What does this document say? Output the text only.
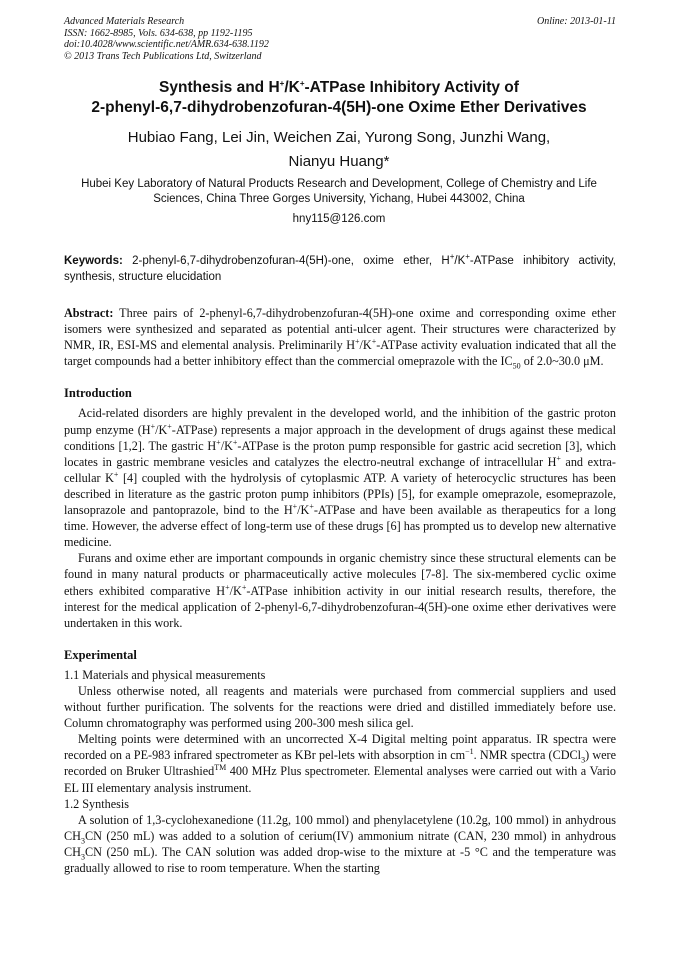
Advanced Materials Research
ISSN: 1662-8985, Vols. 634-638, pp 1192-1195
doi:10.4028/www.scientific.net/AMR.634-638.1192
© 2013 Trans Tech Publications Ltd, Switzerland
Online: 2013-01-11
Synthesis and H+/K+-ATPase Inhibitory Activity of
2-phenyl-6,7-dihydrobenzofuran-4(5H)-one Oxime Ether Derivatives
Hubiao Fang, Lei Jin, Weichen Zai, Yurong Song, Junzhi Wang,
Nianyu Huang*
Hubei Key Laboratory of Natural Products Research and Development, College of Chemistry and Life Sciences, China Three Gorges University, Yichang, Hubei 443002, China
hny115@126.com
Keywords: 2-phenyl-6,7-dihydrobenzofuran-4(5H)-one, oxime ether, H+/K+-ATPase inhibitory activity, synthesis, structure elucidation

Abstract: Three pairs of 2-phenyl-6,7-dihydrobenzofuran-4(5H)-one oxime and corresponding oxime ether isomers were synthesized and separated as potential anti-ulcer agent. Their structures were characterized by NMR, IR, ESI-MS and elemental analysis. Preliminarily H+/K+-ATPase activity evaluation indicated that all the target compounds had a better inhibitory effect than the commercial omeprazole with the $IC_{50}$ of 2.0~30.0 μM.

Introduction

Acid-related disorders are highly prevalent in the developed world, and the inhibition of the gastric proton pump enzyme (H+/K+-ATPase) represents a major approach in the development of drugs against these medical conditions [1,2]. The gastric H+/K+-ATPase is the proton pump responsible for gastric acid secretion [3], which locates in gastric membrane vesicles and catalyzes the electro-neutral exchange of intracellular H+ and extra-cellular K+ [4] coupled with the hydrolysis of cytoplasmic ATP. A variety of heterocyclic structures has been described in literature as the gastric proton pump inhibitors (PPIs) [5], for example omeprazole, esomeprazole, lansoprazole and pantoprazole, bind to the H+/K+-ATPase and have been available as therapeutics for a long time. However, the adverse effect of long-term use of these drugs [6] has prompted us to develop new alternative medicine.

Furans and oxime ether are important compounds in organic chemistry since these structural elements can be found in many natural products or pharmaceutically active molecules [7-8]. The six-membered cyclic oxime ethers exhibited comparative H+/K+-ATPase inhibition activity in our initial research results, therefore, the interest for the medical application of 2-phenyl-6,7-dihydrobenzofuran-4(5H)-one oxime ether derivatives were undertaken in this work.

Experimental
1.1 Materials and physical measurements

Unless otherwise noted, all reagents and materials were purchased from commercial suppliers and used without further purification. The solvents for the reactions were dried and distilled immediately before use. Column chromatography was performed using 200-300 mesh silica gel.

Melting points were determined with an uncorrected X-4 Digital melting point apparatus. IR spectra were recorded on a PE-983 infrared spectrometer as KBr pel-lets with absorption in $cm^{-1}$. NMR spectra (CDCl$_3$) were recorded on Bruker Ultrashied™ 400 MHz Plus spectrometer. Elemental analyses were carried out with a Vario EL III elementary analysis instrument.

1.2 Synthesis

A solution of 1,3-cyclohexanedione (11.2g, 100 mmol) and phenylacetylene (10.2g, 100 mmol) in anhydrous $CH_3CN$ (250 mL) was added to a solution of cerium(IV) ammonium nitrate (CAN, 230 mmol) in anhydrous $CH_3CN$ (250 mL). The CAN solution was added drop-wise to the mixture at -5 °C and the temperature was gradually allowed to rise to room temperature. When the starting
